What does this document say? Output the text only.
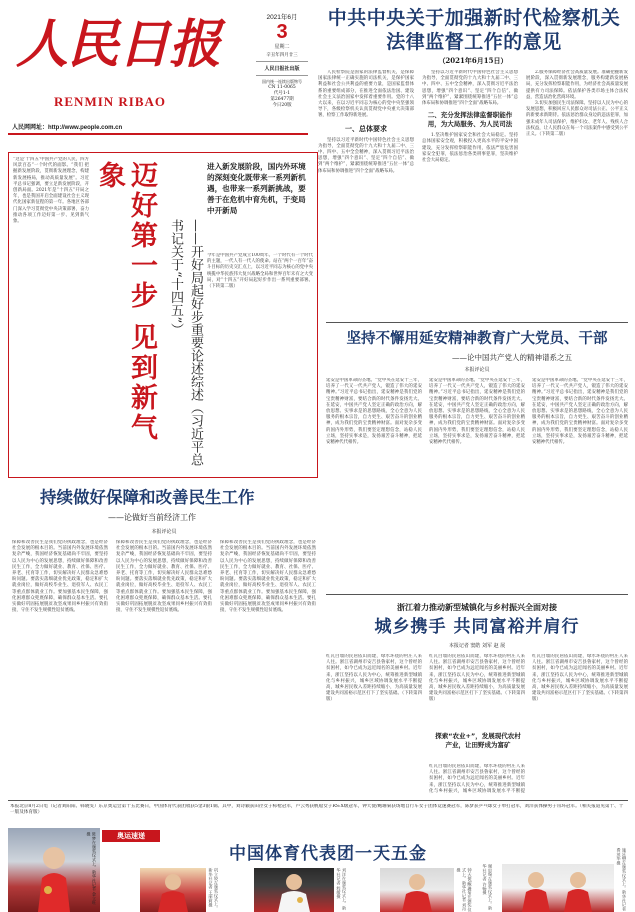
人民日报
RENMIN RIBAO
人民网网址：http://www.people.com.cn
2021年6月
3
星期二
辛丑年四月廿三
人民日报社出版
国内统一连续出版物号
CN 11-0065
代号1-1
第26477期
今日20版
中共中央关于加强新时代检察机关法律监督工作的意见
（2021年6月15日）

人民检察院是国家的法律监督机关，是保障国家法律统一正确实施的司法机关，是保护国家利益和社会公共利益的重要力量，是国家监督体系的重要组成部分，在推进全面依法治国、建设社会主义法治国家中发挥着重要作用。党的十八大以来，在以习近平同志为核心的党中央坚强领导下，各级检察机关认真贯彻党中央重大决策部署，检察工作取得新进展。

一、总体要求

坚持以习近平新时代中国特色社会主义思想为指导，全面贯彻党的十九大和十九届二中、三中、四中、五中全会精神，深入贯彻习近平法治思想，增强“四个意识”、坚定“四个自信”、做到“两个维护”，紧紧围绕统筹推进“五位一体”总体布局和协调推进“四个全面”战略布局。

坚持以习近平新时代中国特色社会主义思想为指导，全面贯彻党的十九大和十九届二中、三中、四中、五中全会精神，深入贯彻习近平法治思想，增强“四个意识”、坚定“四个自信”、做到“两个维护”，紧紧围绕统筹推进“五位一体”总体布局和协调推进“四个全面”战略布局。

二、充分发挥法律监督职能作用，为大局服务、为人民司法

1.坚决维护国家安全和社会大局稳定。坚持总体国家安全观，积极投入更高水平的平安中国建设，充分发挥检察职能作用，依法严惩危害国家安全犯罪，依法惩治各类刑事犯罪，坚决维护社会大局稳定。

2.服务保障经济社会高质量发展。准确把握新发展阶段，深入贯彻新发展理念，服务构建新发展格局，充分发挥检察职能作用，为经济社会高质量发展提供有力司法保障。依法保护各类市场主体合法权益，营造法治化营商环境。

3.切实加强民生司法保障。坚持以人民为中心的发展思想，积极回应人民群众对司法公正、公平正义的新要求新期待。依法惩治群众身边的违法犯罪，加强未成年人司法保护，维护妇女、老年人、残疾人合法权益，让人民群众在每一个司法案件中感受到公平正义。（下转第二版）

“这是‘十四五’中国共产党的人民，四方风景百态”一个时代的面影。“我们 把握新发展阶段，贯彻新发展理念，构建新发展格局，推动高质量发展”。习近平总书记强调，要立足新发展阶段，开创新局面。2021年是“十四五”开局之年，也是我国开启全面建设社会主义现代化国家新征程的第一年。各地区各部门深入学习贯彻党中央决策部署，奋力推动各项工作迈好第一步、见到新气象。	迈好第一步 见到新气象
——开好局起好步重要论述综述（习近平总书记关于“十四五”）
进入新发展阶段，国内外环境的深刻变化既带来一系列新机遇，也带来一系列新挑战，要善于在危机中育先机，于变局中开新局
今年是中国共产党成立100周年。一个时代有一个时代的主题，一代人有一代人的使命。站在“两个一百年”奋斗目标的历史交汇点上，以习近平同志为核心的党中央统揽中华民族伟大复兴战略全局和世界百年未有之大变局，对“十四五”开好局起好步作出一系列重要部署。（下转第二版）
坚持不懈用延安精神教育广大党员、干部
——论中国共产党人的精神谱系之五
本报评论员
延安是中国革命的圣地。“党中央在延安十三年，培养了一代又一代共产党人，锻造了伟大的延安精神。”习近平总书记指出，延安精神是我们党的宝贵精神财富，要结合新的时代条件发扬光大。在延安，中国共产党人坚定正确的政治方向，解放思想、实事求是的思想路线，全心全意为人民服务的根本宗旨，自力更生、艰苦奋斗的创业精神，成为我们党的宝贵精神财富。面对复杂多变的国内外形势，我们要坚定理想信念，站稳人民立场，坚持实事求是，发扬艰苦奋斗精神，把延安精神代代相传。
延安是中国革命的圣地。“党中央在延安十三年，培养了一代又一代共产党人，锻造了伟大的延安精神。”习近平总书记指出，延安精神是我们党的宝贵精神财富，要结合新的时代条件发扬光大。在延安，中国共产党人坚定正确的政治方向，解放思想、实事求是的思想路线，全心全意为人民服务的根本宗旨，自力更生、艰苦奋斗的创业精神，成为我们党的宝贵精神财富。面对复杂多变的国内外形势，我们要坚定理想信念，站稳人民立场，坚持实事求是，发扬艰苦奋斗精神，把延安精神代代相传。
延安是中国革命的圣地。“党中央在延安十三年，培养了一代又一代共产党人，锻造了伟大的延安精神。”习近平总书记指出，延安精神是我们党的宝贵精神财富，要结合新的时代条件发扬光大。在延安，中国共产党人坚定正确的政治方向，解放思想、实事求是的思想路线，全心全意为人民服务的根本宗旨，自力更生、艰苦奋斗的创业精神，成为我们党的宝贵精神财富。面对复杂多变的国内外形势，我们要坚定理想信念，站稳人民立场，坚持实事求是，发扬艰苦奋斗精神，把延安精神代代相传。
持续做好保障和改善民生工作
——论做好当前经济工作
本报评论员
保障和改善民生是我们党的执政理念，也是经济社会发展的根本目的。当前国内外发展环境依然复杂严峻，我国经济恢复基础尚不牢固，要坚持以人民为中心的发展思想，持续做好保障和改善民生工作，全力做好就业、教育、社保、医疗、养老、托育等工作，切实解决好人民群众急难愁盼问题。要落实落细就业优先政策，稳定和扩大就业岗位，做好高校毕业生、退役军人、农民工等重点群体就业工作。要加强基本民生保障，强化困难群众兜底保障，确保群众基本生活。要扎实做好巩固拓展脱贫攻坚成果同乡村振兴有效衔接，守住不发生规模性返贫底线。
保障和改善民生是我们党的执政理念，也是经济社会发展的根本目的。当前国内外发展环境依然复杂严峻，我国经济恢复基础尚不牢固，要坚持以人民为中心的发展思想，持续做好保障和改善民生工作，全力做好就业、教育、社保、医疗、养老、托育等工作，切实解决好人民群众急难愁盼问题。要落实落细就业优先政策，稳定和扩大就业岗位，做好高校毕业生、退役军人、农民工等重点群体就业工作。要加强基本民生保障，强化困难群众兜底保障，确保群众基本生活。要扎实做好巩固拓展脱贫攻坚成果同乡村振兴有效衔接，守住不发生规模性返贫底线。
保障和改善民生是我们党的执政理念，也是经济社会发展的根本目的。当前国内外发展环境依然复杂严峻，我国经济恢复基础尚不牢固，要坚持以人民为中心的发展思想，持续做好保障和改善民生工作，全力做好就业、教育、社保、医疗、养老、托育等工作，切实解决好人民群众急难愁盼问题。要落实落细就业优先政策，稳定和扩大就业岗位，做好高校毕业生、退役军人、农民工等重点群体就业工作。要加强基本民生保障，强化困难群众兜底保障，确保群众基本生活。要扎实做好巩固拓展脱贫攻坚成果同乡村振兴有效衔接，守住不发生规模性返贫底线。	浙江着力推动新型城镇化与乡村振兴全面对接
城乡携手 共同富裕并肩行
本报记者 窦皓 刘军 赵 展
红瓦白墙的民居依山而建，绿水环绕的村庄人来人往。浙江省湖州市安吉县鲁家村，这个曾经的贫困村，如今已成为远近闻名的美丽乡村。近年来，浙江坚持以人民为中心，统筹推进新型城镇化与乡村振兴，城乡区域协调发展水平不断提高，城乡居民收入差距持续缩小，为高质量发展建设共同富裕示范区打下了坚实基础。（下转第四版）
红瓦白墙的民居依山而建，绿水环绕的村庄人来人往。浙江省湖州市安吉县鲁家村，这个曾经的贫困村，如今已成为远近闻名的美丽乡村。近年来，浙江坚持以人民为中心，统筹推进新型城镇化与乡村振兴，城乡区域协调发展水平不断提高，城乡居民收入差距持续缩小，为高质量发展建设共同富裕示范区打下了坚实基础。（下转第四版）
探索“农业+”，发展现代农村产业，让田野成为富矿
红瓦白墙的民居依山而建，绿水环绕的村庄人来人往。浙江省湖州市安吉县鲁家村，这个曾经的贫困村，如今已成为远近闻名的美丽乡村。近年来，浙江坚持以人民为中心，统筹推进新型城镇化与乡村振兴，城乡区域协调发展水平不断提
红瓦白墙的民居依山而建，绿水环绕的村庄人来人往。浙江省湖州市安吉县鲁家村，这个曾经的贫困村，如今已成为远近闻名的美丽乡村。近年来，浙江坚持以人民为中心，统筹推进新型城镇化与乡村振兴，城乡区域协调发展水平不断提高，城乡居民收入差距持续缩小，为高质量发展建设共同富裕示范区打下了坚实基础。（下转第四版）
本报北京8月2日电（记者刘阳阳、韩晓雯）东京奥运会第十五比赛日，中国体育代表团收获5金3银1铜。其中，刘诗颖获田径女子标枪冠军，卢云秀获帆船女子RS:X级冠军，钟天使/鲍珊菊获场地自行车女子团体竞速赛冠军，陈梦获乒乓球女子单打冠军，刘洋获体操男子吊环冠军。（相关报道见第十、十一版及体育版）
奥运速递
中国体育代表团一天五金
陈梦在颁奖仪式上。新华社记者 金立旺摄
巩立姣在颁奖仪式上。新华社记者 王丽莉摄	刘洋在颁奖仪式上。新华社记者 程敏摄	钟天使/鲍珊菊在颁奖仪式上。新华社记者 刘丹摄	谢思埸在颁奖仪式上。新华社记者 许畅摄	施廷懋在颁奖仪式上。新华社记者 费茂华摄
